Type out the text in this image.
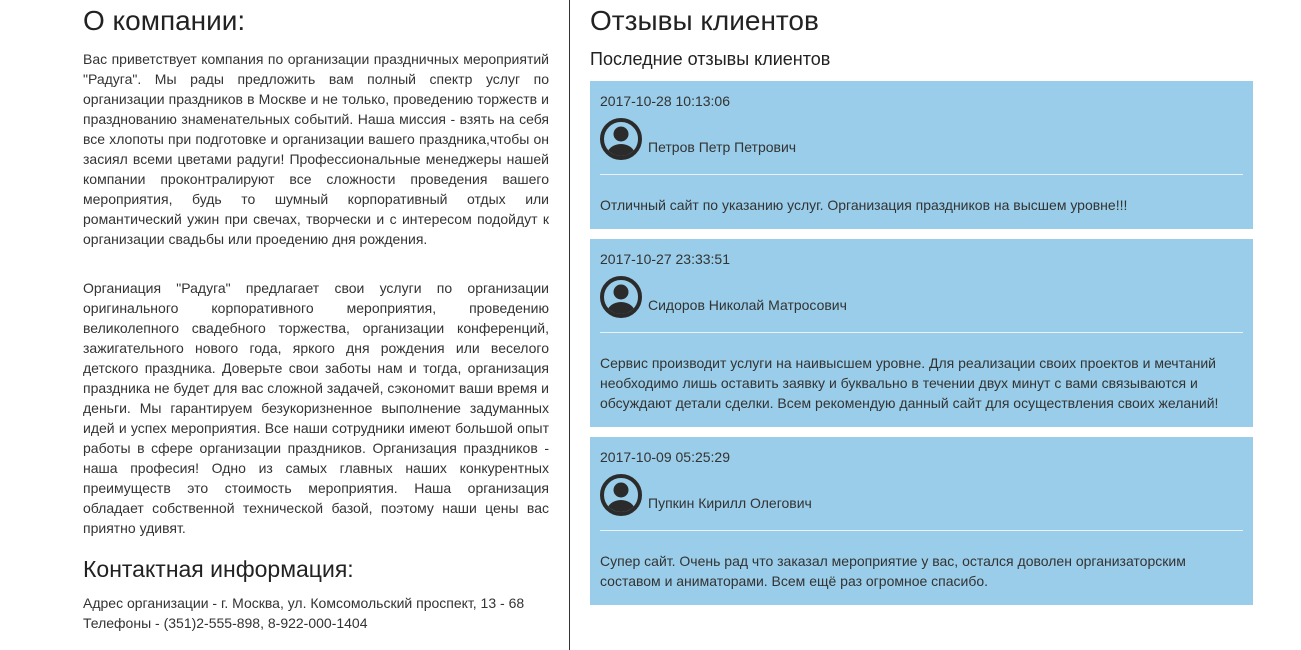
О компании:

Вас приветствует компания по организации праздничных мероприятий "Радуга". Мы рады предложить вам полный спектр услуг по организации праздников в Москве и не только, проведению торжеств и празднованию знаменательных событий. Наша миссия - взять на себя все хлопоты при подготовке и организации вашего праздника,чтобы он засиял всеми цветами радуги! Профессиональные менеджеры нашей компании проконтралируют все сложности проведения вашего мероприятия, будь то шумный корпоративный отдых или романтический ужин при свечах, творчески и с интересом подойдут к организации свадьбы или проедению дня рождения.

Органиация "Радуга" предлагает свои услуги по организации оригинального корпоративного мероприятия, проведению великолепного свадебного торжества, организации конференций, зажигательного нового года, яркого дня рождения или веселого детского праздника. Доверьте свои заботы нам и тогда, организация праздника не будет для вас сложной задачей, сэкономит ваши время и деньги. Мы гарантируем безукоризненное выполнение задуманных идей и успех мероприятия. Все наши сотрудники имеют большой опыт работы в сфере организации праздников. Организация праздников - наша професия! Одно из самых главных наших конкурентных преимуществ это стоимость мероприятия. Наша организация обладает собственной технической базой, поэтому наши цены вас приятно удивят.

Контактная информация:

Адрес организации - г. Москва, ул. Комсомольский проспект, 13 - 68

Телефоны - (351)2-555-898, 8-922-000-1404

Отзывы клиентов
Последние отзывы клиентов
2017-10-28 10:13:06
Петров Петр Петрович
Отличный сайт по указанию услуг. Организация праздников на высшем уровне!!!
2017-10-27 23:33:51
Сидоров Николай Матросович
Сервис производит услуги на наивысшем уровне. Для реализации своих проектов и мечтаний необходимо лишь оставить заявку и буквально в течении двух минут с вами связываются и обсуждают детали сделки. Всем рекомендую данный сайт для осуществления своих желаний!
2017-10-09 05:25:29
Пупкин Кирилл Олегович
Супер сайт. Очень рад что заказал мероприятие у вас, остался доволен организаторским составом и аниматорами. Всем ещё раз огромное спасибо.
